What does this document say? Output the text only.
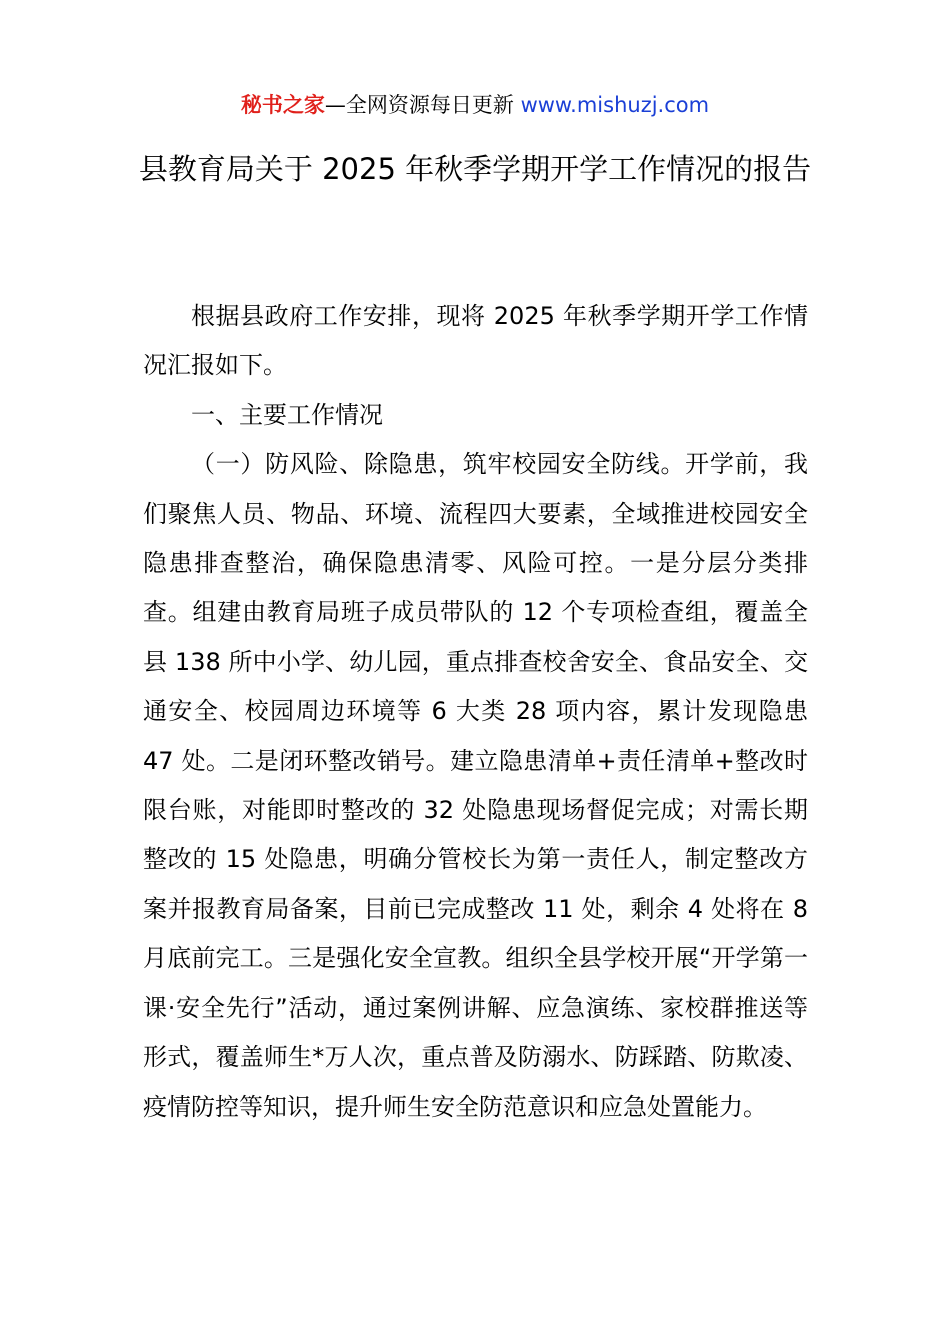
秘书之家—全网资源每日更新 www.mishuzj.com
县教育局关于 2025 年秋季学期开学工作情况的报告

根据县政府工作安排，现将 2025 年秋季学期开学工作情况汇报如下。

一、主要工作情况

（一）防风险、除隐患，筑牢校园安全防线。开学前，我们聚焦人员、物品、环境、流程四大要素，全域推进校园安全隐患排查整治，确保隐患清零、风险可控。一是分层分类排查。组建由教育局班子成员带队的 12 个专项检查组，覆盖全县 138 所中小学、幼儿园，重点排查校舍安全、食品安全、交通安全、校园周边环境等 6 大类 28 项内容，累计发现隐患 47 处。二是闭环整改销号。建立隐患清单+责任清单+整改时限台账，对能即时整改的 32 处隐患现场督促完成；对需长期整改的 15 处隐患，明确分管校长为第一责任人，制定整改方案并报教育局备案，目前已完成整改 11 处，剩余 4 处将在 8 月底前完工。三是强化安全宣教。组织全县学校开展“开学第一课·安全先行”活动，通过案例讲解、应急演练、家校群推送等形式，覆盖师生*万人次，重点普及防溺水、防踩踏、防欺凌、疫情防控等知识，提升师生安全防范意识和应急处置能力。
